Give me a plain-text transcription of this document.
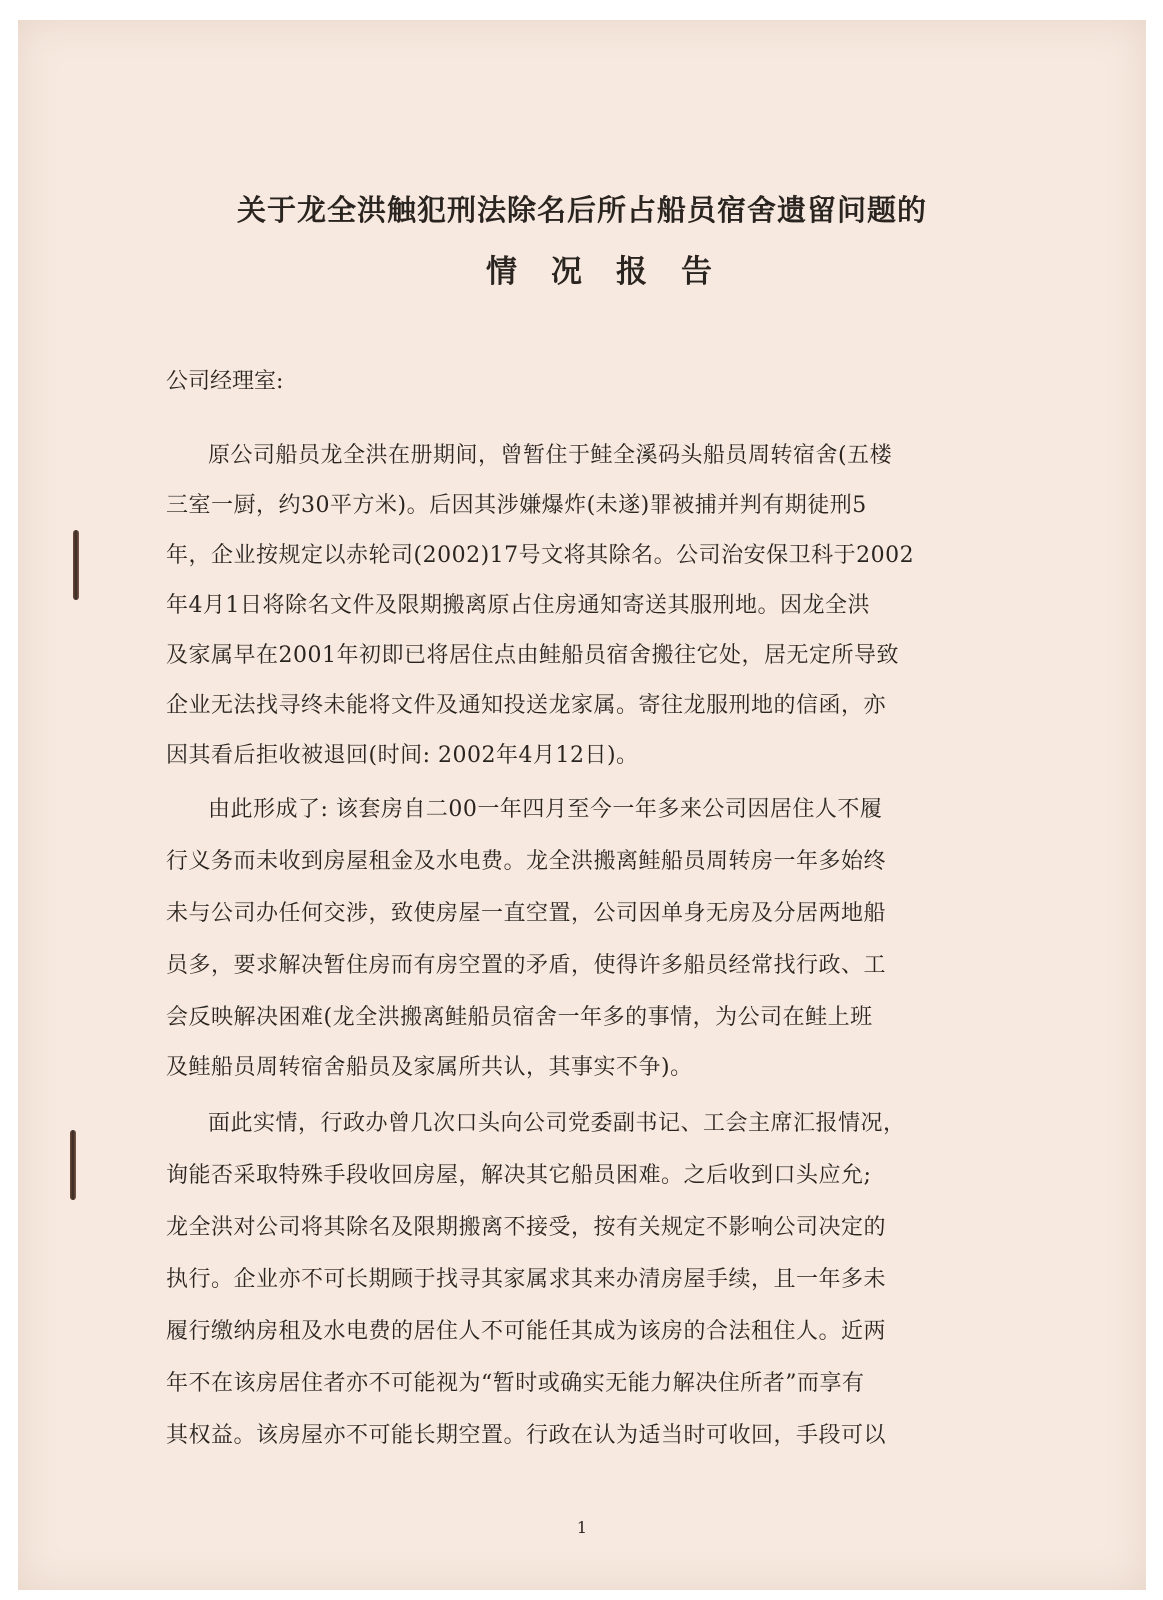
关于龙全洪触犯刑法除名后所占船员宿舍遗留问题的
情况报告
公司经理室:
原公司船员龙全洪在册期间，曾暂住于鲑全溪码头船员周转宿舍(五楼
三室一厨，约30平方米)。后因其涉嫌爆炸(未遂)罪被捕并判有期徒刑5
年，企业按规定以赤轮司(2002)17号文将其除名。公司治安保卫科于2002
年4月1日将除名文件及限期搬离原占住房通知寄送其服刑地。因龙全洪
及家属早在2001年初即已将居住点由鲑船员宿舍搬往它处，居无定所导致
企业无法找寻终未能将文件及通知投送龙家属。寄往龙服刑地的信函，亦
因其看后拒收被退回(时间: 2002年4月12日)。
由此形成了: 该套房自二00一年四月至今一年多来公司因居住人不履
行义务而未收到房屋租金及水电费。龙全洪搬离鲑船员周转房一年多始终
未与公司办任何交涉，致使房屋一直空置，公司因单身无房及分居两地船
员多，要求解决暂住房而有房空置的矛盾，使得许多船员经常找行政、工
会反映解决困难(龙全洪搬离鲑船员宿舍一年多的事情，为公司在鲑上班
及鲑船员周转宿舍船员及家属所共认，其事实不争)。
面此实情，行政办曾几次口头向公司党委副书记、工会主席汇报情况，
询能否采取特殊手段收回房屋，解决其它船员困难。之后收到口头应允;
龙全洪对公司将其除名及限期搬离不接受，按有关规定不影响公司决定的
执行。企业亦不可长期顾于找寻其家属求其来办清房屋手续，且一年多未
履行缴纳房租及水电费的居住人不可能任其成为该房的合法租住人。近两
年不在该房居住者亦不可能视为“暂时或确实无能力解决住所者”而享有
其权益。该房屋亦不可能长期空置。行政在认为适当时可收回，手段可以
1
